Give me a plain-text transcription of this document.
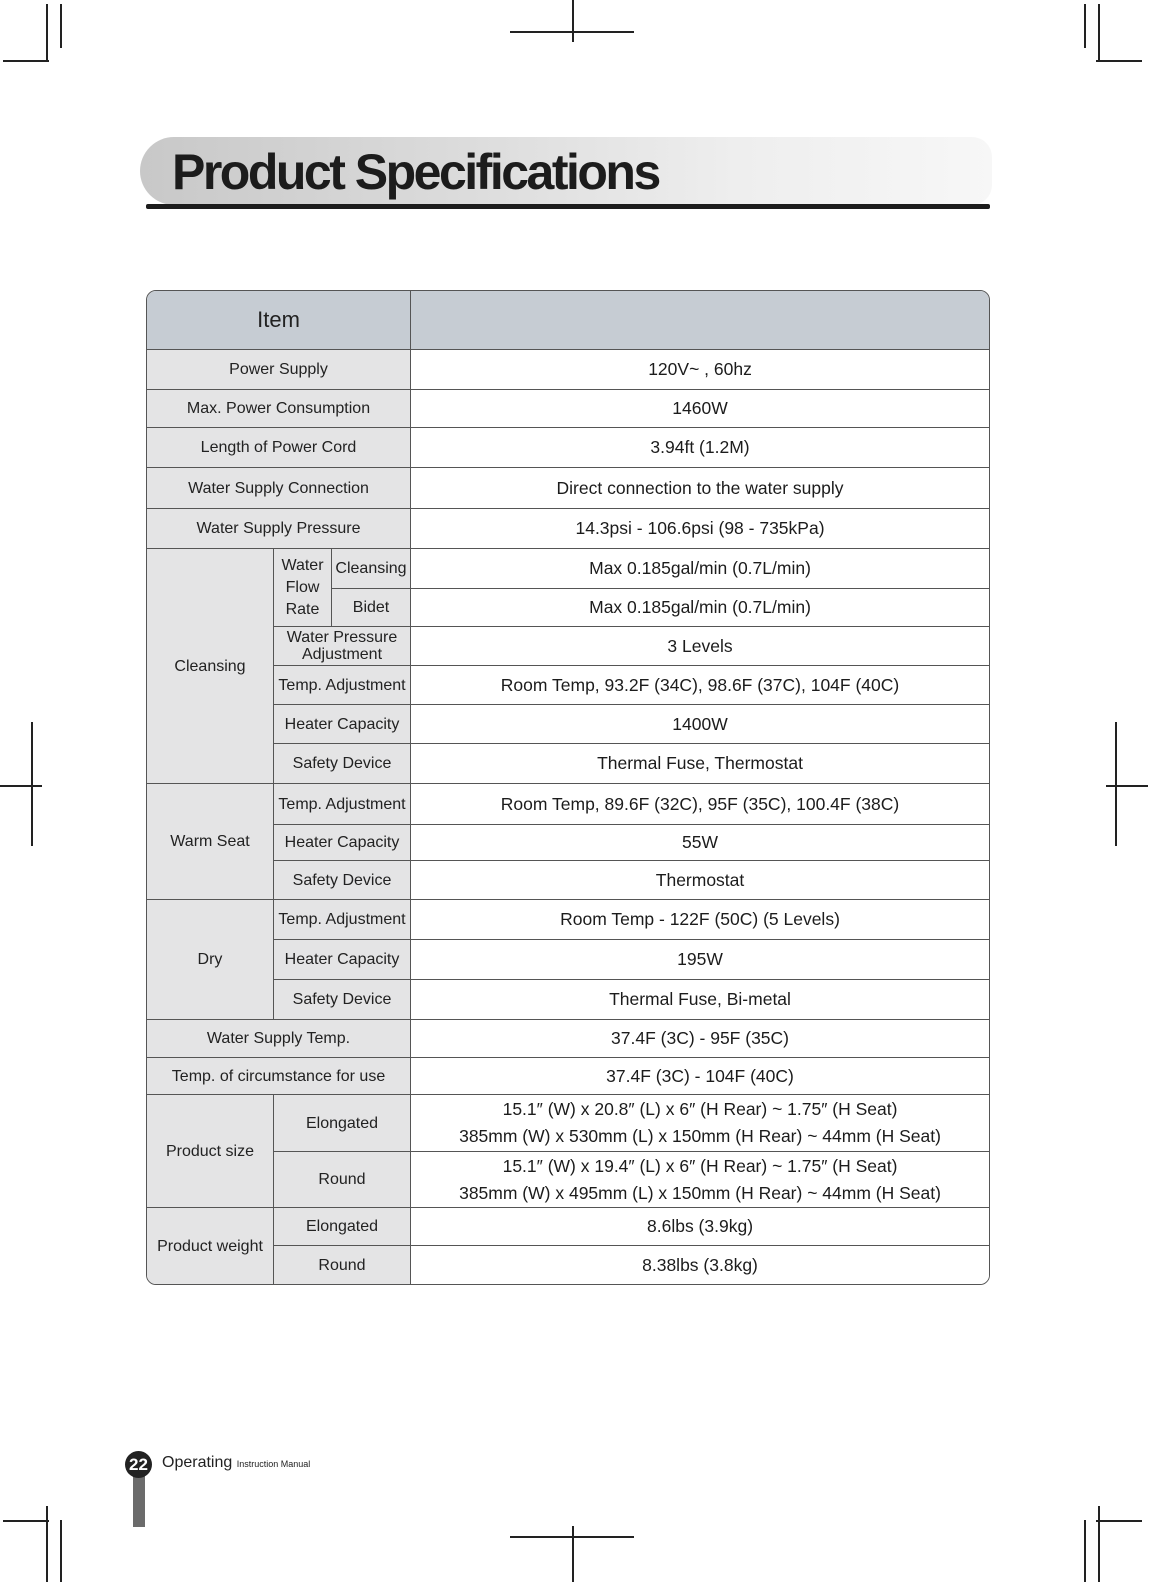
Product Specifications
Item			
Power Supply			120V~ , 60hz
Max. Power Consumption			1460W
Length of Power Cord			3.94ft (1.2M)
Water Supply Connection			Direct connection to the water supply
Water Supply Pressure			14.3psi - 106.6psi (98 - 735kPa)
Cleansing	Water Flow Rate	Cleansing	Max 0.185gal/min (0.7L/min)
		Bidet	Max 0.185gal/min (0.7L/min)
	Water Pressure Adjustment		3 Levels
	Temp. Adjustment		Room Temp, 93.2F (34C), 98.6F (37C), 104F (40C)
	Heater Capacity		1400W
	Safety Device		Thermal Fuse, Thermostat

Warm Seat	Temp. Adjustment		Room Temp, 89.6F (32C), 95F (35C), 100.4F (38C)
	Heater Capacity		55W
	Safety Device		Thermostat
Dry	Temp. Adjustment		Room Temp - 122F (50C) (5 Levels)
	Heater Capacity		195W
	Safety Device		Thermal Fuse, Bi-metal
Water Supply Temp.			37.4F (3C) - 95F (35C)
Temp. of circumstance for use			37.4F (3C) - 104F (40C)
Product size	Elongated		15.1″ (W) x 20.8″ (L) x 6″ (H Rear) ~ 1.75″ (H Seat)
385mm (W) x 530mm (L) x 150mm (H Rear) ~ 44mm (H Seat)

	Round		15.1″ (W) x 19.4″ (L) x 6″ (H Rear) ~ 1.75″ (H Seat)
385mm (W) x 495mm (L) x 150mm (H Rear) ~ 44mm (H Seat)

Product weight	Elongated		8.6lbs (3.9kg)
	Round		8.38lbs (3.8kg)
22 Operating Instruction Manual
